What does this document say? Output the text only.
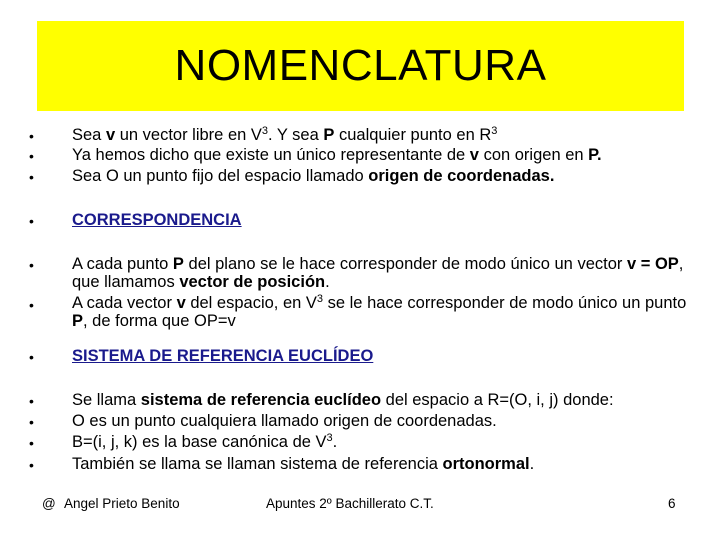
NOMENCLATURA
• Sea v un vector libre en $V^3$. Y sea P cualquier punto en $R^3$
• Ya hemos dicho que existe un único representante de v con origen en P.
• Sea O un punto fijo del espacio llamado origen de coordenadas.
• CORRESPONDENCIA
• A cada punto P del plano se le hace corresponder de modo único un vector v = OP, que llamamos vector de posición.
• A cada vector v del espacio, en $V^3$ se le hace corresponder de modo único un punto P, de forma que OP=v
• SISTEMA DE REFERENCIA EUCLÍDEO
• Se llama sistema de referencia euclídeo del espacio a R=(O, i, j) donde:
• O es un punto cualquiera llamado origen de coordenadas.
• B=(i, j, k) es la base canónica de $V^3$.
• También se llama se llaman sistema de referencia ortonormal.
@ Angel Prieto Benito	Apuntes 2º Bachillerato C.T.	6
